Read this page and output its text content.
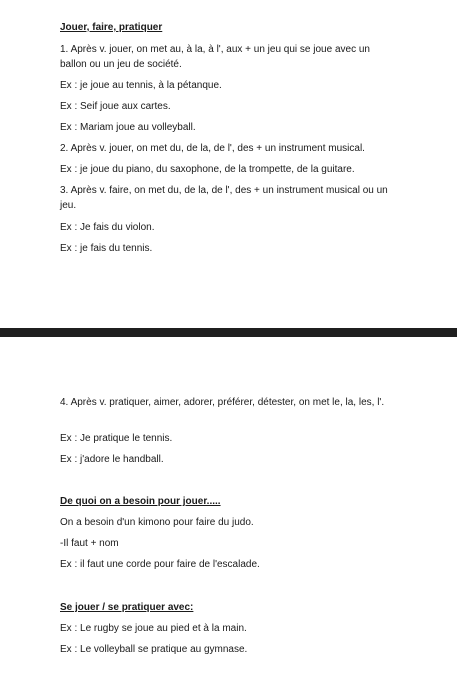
Jouer, faire, pratiquer
1. Après v. jouer, on met au, à la, à l', aux + un jeu qui se joue avec un ballon ou un jeu de société.
Ex : je joue au tennis, à la pétanque.
Ex : Seif joue aux cartes.
Ex : Mariam joue au volleyball.
2. Après v. jouer, on met du, de la, de l', des + un instrument musical.
Ex : je joue du piano, du saxophone, de la trompette, de la guitare.
3. Après v. faire, on met du, de la, de l', des + un instrument musical ou un jeu.
Ex : Je fais du violon.
Ex : je fais du tennis.
4. Après v. pratiquer, aimer, adorer, préférer, détester, on met le, la, les, l'.
Ex : Je pratique le tennis.
Ex : j'adore le handball.
De quoi on a besoin pour jouer.....
On a besoin d'un kimono pour faire du judo.
-Il faut + nom
Ex : il faut une corde pour faire de l'escalade.
Se jouer / se pratiquer avec:
Ex : Le rugby se joue au pied et à la main.
Ex : Le volleyball se pratique au gymnase.
